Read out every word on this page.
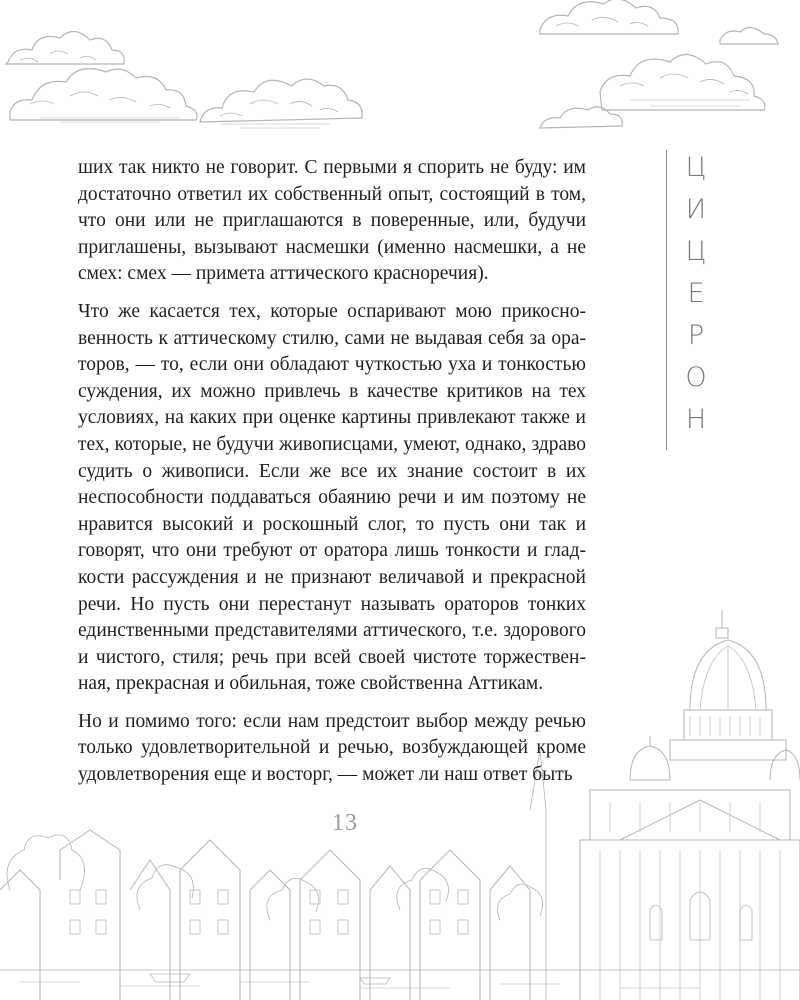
Ц
И
Ц
Е
Р
О
Н

ших так никто не говорит. С первыми я спорить не буду: им достаточно ответил их собственный опыт, состоящий в том, что они или не приглашаются в поверенные, или, будучи приглашены, вызывают насмешки (именно насмешки, а не смех: смех — примета аттического красноречия).

Что же касается тех, которые оспаривают мою прикосновенность к аттическому стилю, сами не выдавая себя за ораторов, — то, если они обладают чуткостью уха и тонкостью суждения, их можно привлечь в качестве критиков на тех условиях, на каких при оценке картины привлекают также и тех, которые, не будучи живописцами, умеют, однако, здраво судить о живописи. Если же все их знание состоит в их неспособности поддаваться обаянию речи и им поэтому не нравится высокий и роскошный слог, то пусть они так и говорят, что они требуют от оратора лишь тонкости и гладкости рассуждения и не признают величавой и прекрасной речи. Но пусть они перестанут называть ораторов тонких единственными представителями аттического, т.е. здорового и чистого, стиля; речь при всей своей чистоте торжественная, прекрасная и обильная, тоже свойственна Аттикам.

Но и помимо того: если нам предстоит выбор между речью только удовлетворительной и речью, возбуждающей кроме удовлетворения еще и восторг, — может ли наш ответ быть

13
